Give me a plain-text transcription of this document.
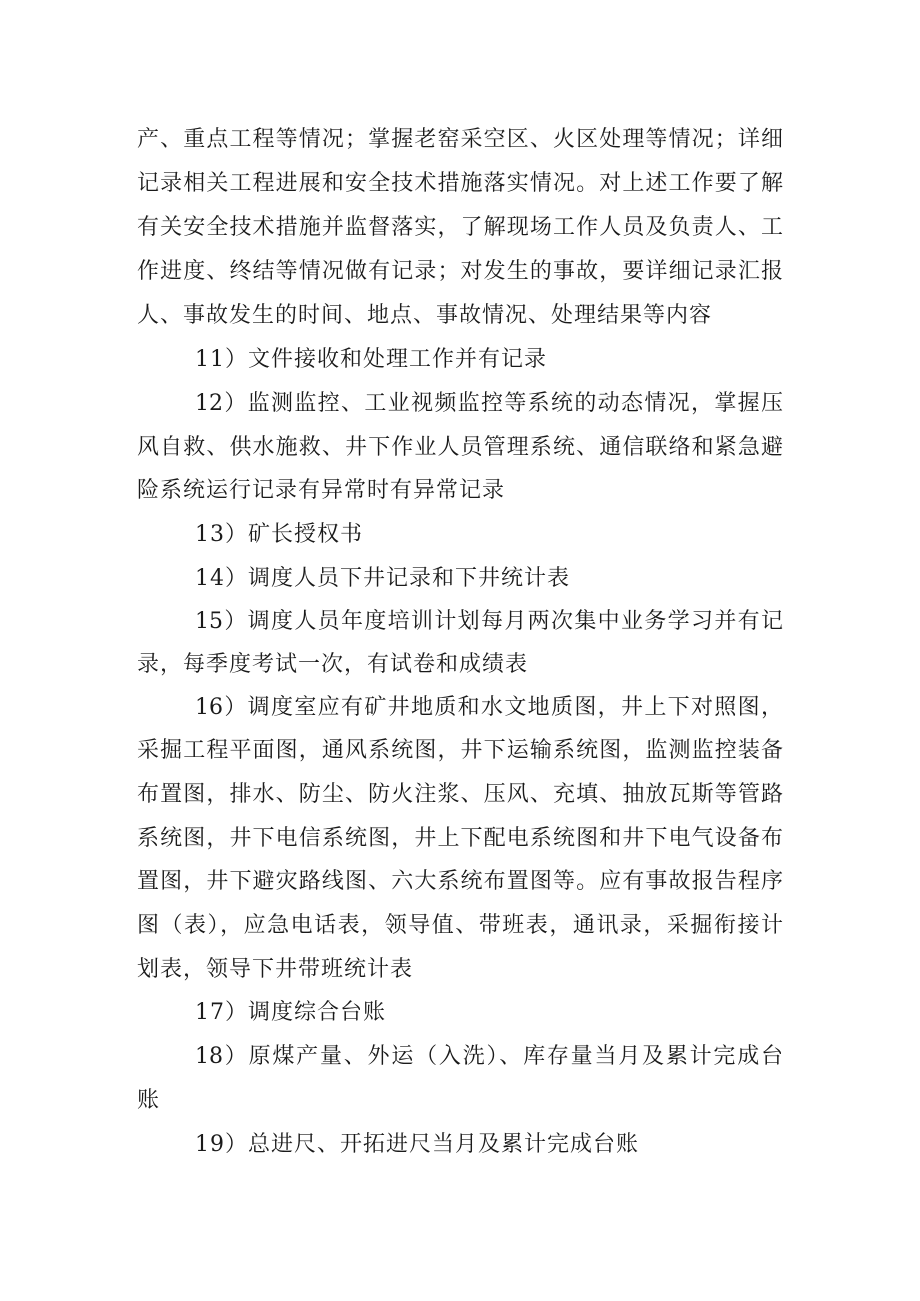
产、重点工程等情况；掌握老窑采空区、火区处理等情况；详细
记录相关工程进展和安全技术措施落实情况。对上述工作要了解
有关安全技术措施并监督落实，了解现场工作人员及负责人、工
作进度、终结等情况做有记录；对发生的事故，要详细记录汇报
人、事故发生的时间、地点、事故情况、处理结果等内容
11）文件接收和处理工作并有记录
12）监测监控、工业视频监控等系统的动态情况，掌握压
风自救、供水施救、井下作业人员管理系统、通信联络和紧急避
险系统运行记录有异常时有异常记录
13）矿长授权书
14）调度人员下井记录和下井统计表
15）调度人员年度培训计划每月两次集中业务学习并有记
录，每季度考试一次，有试卷和成绩表
16）调度室应有矿井地质和水文地质图，井上下对照图，
采掘工程平面图，通风系统图，井下运输系统图，监测监控装备
布置图，排水、防尘、防火注浆、压风、充填、抽放瓦斯等管路
系统图，井下电信系统图，井上下配电系统图和井下电气设备布
置图，井下避灾路线图、六大系统布置图等。应有事故报告程序
图（表），应急电话表，领导值、带班表，通讯录，采掘衔接计
划表，领导下井带班统计表
17）调度综合台账
18）原煤产量、外运（入洗）、库存量当月及累计完成台
账
19）总进尺、开拓进尺当月及累计完成台账
